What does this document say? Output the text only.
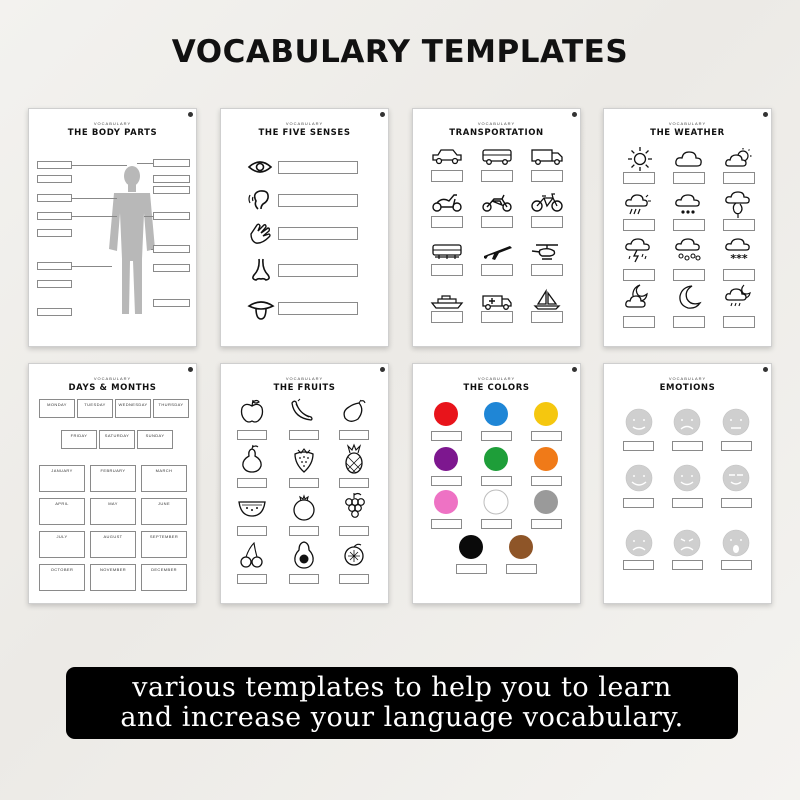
VOCABULARY TEMPLATES
VOCABULARY
THE BODY PARTS
VOCABULARY
THE FIVE SENSES
VOCABULARY
TRANSPORTATION
VOCABULARY
THE WEATHER
***
VOCABULARY
DAYS & MONTHS
MONDAY	TUESDAY	WEDNESDAY	THURSDAY
FRIDAY	SATURDAY	SUNDAY
JANUARY	FEBRUARY	MARCH
APRIL	MAY	JUNE
JULY	AUGUST	SEPTEMBER
OCTOBER	NOVEMBER	DECEMBER
VOCABULARY
THE FRUITS
VOCABULARY
THE COLORS
VOCABULARY
EMOTIONS
various templates to help you to learn
and increase your language vocabulary.
